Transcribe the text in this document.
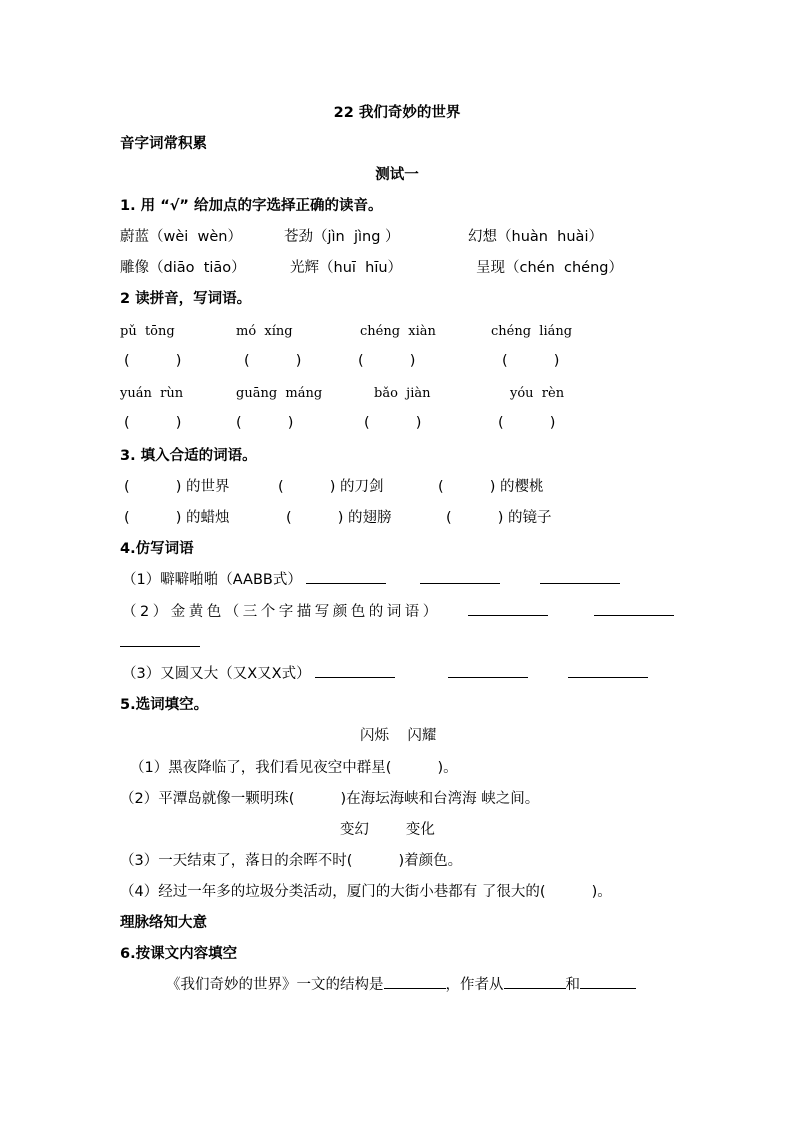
22 我们奇妙的世界
音字词常积累
测试一
1. 用 “√” 给加点的字选择正确的读音。
蔚蓝（wèi  wèn）	苍劲（jìn  jìng ）	幻想（huàn  huài）
雕像（diāo  tiāo）	光辉（huī  hīu）	呈现（chén  chéng）
2 读拼音，写词语。
pǔ  tōng	mó  xíng	chéng  xiàn	chéng  liáng
(          )	(          )	(          )	(          )
yuán  rùn	guāng  máng	bǎo  jiàn	yóu  rèn
(          )	(          )	(          )	(          )
3. 填入合适的词语。
(          ) 的世界	(          ) 的刀剑	(          ) 的樱桃
(          ) 的蜡烛	(          ) 的翅膀	(          ) 的镜子
4.仿写词语
（1）噼噼啪啪（AABB式）
（2）金黄色（三个字描写颜色的词语）
（3）又圆又大（又X又X式）
5.选词填空。
闪烁    闪耀
（1）黑夜降临了，我们看见夜空中群星(          )。
（2）平潭岛就像一颗明珠(          )在海坛海峡和台湾海 峡之间。
变幻        变化
（3）一天结束了，落日的余晖不时(          )着颜色。
（4）经过一年多的垃圾分类活动，厦门的大街小巷都有 了很大的(          )。
理脉络知大意
6.按课文内容填空
《我们奇妙的世界》一文的结构是	，作者从	和
